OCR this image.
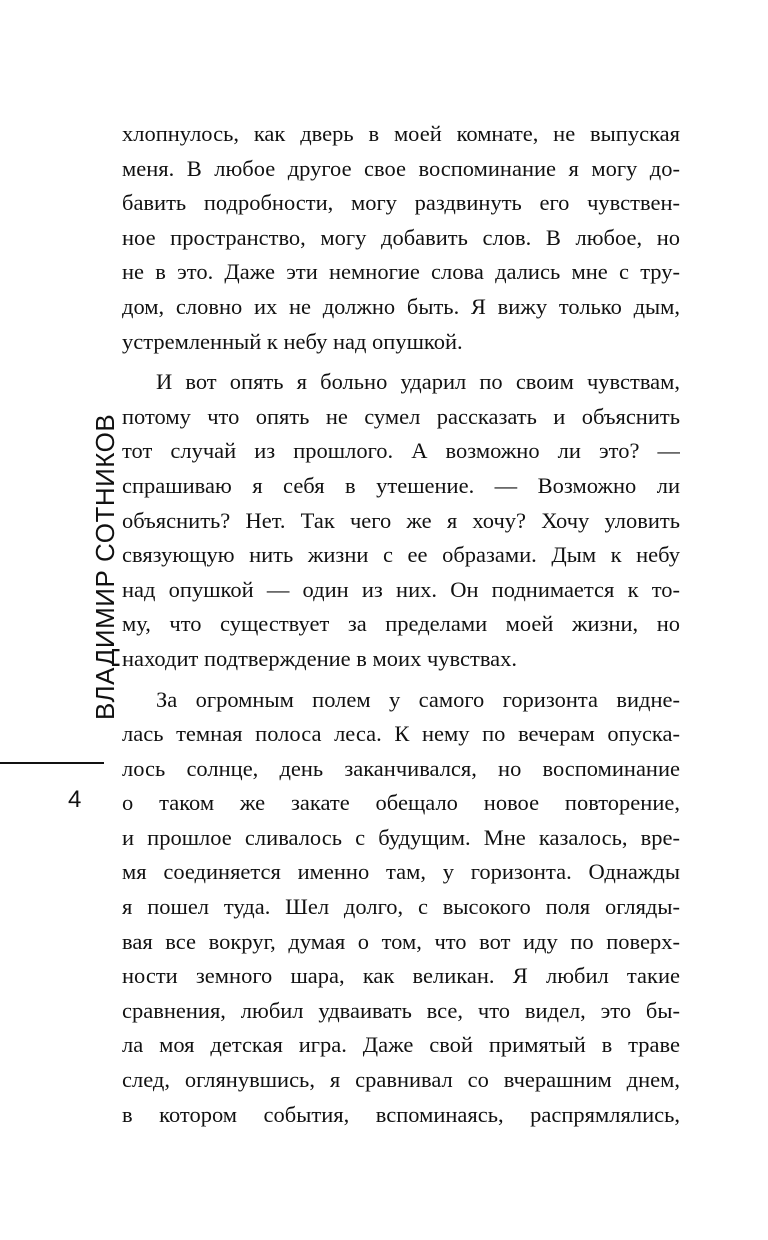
ВЛАДИМИР СОТНИКОВ
4
хлопнулось, как дверь в моей комнате, не выпуская
меня. В любое другое свое воспоминание я могу до-
бавить подробности, могу раздвинуть его чувствен-
ное пространство, могу добавить слов. В любое, но
не в это. Даже эти немногие слова дались мне с тру-
дом, словно их не должно быть. Я вижу только дым,
устремленный к небу над опушкой.
И вот опять я больно ударил по своим чувствам,
потому что опять не сумел рассказать и объяснить
тот случай из прошлого. А возможно ли это? —
спрашиваю я себя в утешение. — Возможно ли
объяснить? Нет. Так чего же я хочу? Хочу уловить
связующую нить жизни с ее образами. Дым к небу
над опушкой — один из них. Он поднимается к то-
му, что существует за пределами моей жизни, но
находит подтверждение в моих чувствах.
За огромным полем у самого горизонта видне-
лась темная полоса леса. К нему по вечерам опуска-
лось солнце, день заканчивался, но воспоминание
о таком же закате обещало новое повторение,
и прошлое сливалось с будущим. Мне казалось, вре-
мя соединяется именно там, у горизонта. Однажды
я пошел туда. Шел долго, с высокого поля огляды-
вая все вокруг, думая о том, что вот иду по поверх-
ности земного шара, как великан. Я любил такие
сравнения, любил удваивать все, что видел, это бы-
ла моя детская игра. Даже свой примятый в траве
след, оглянувшись, я сравнивал со вчерашним днем,
в котором события, вспоминаясь, распрямлялись,
